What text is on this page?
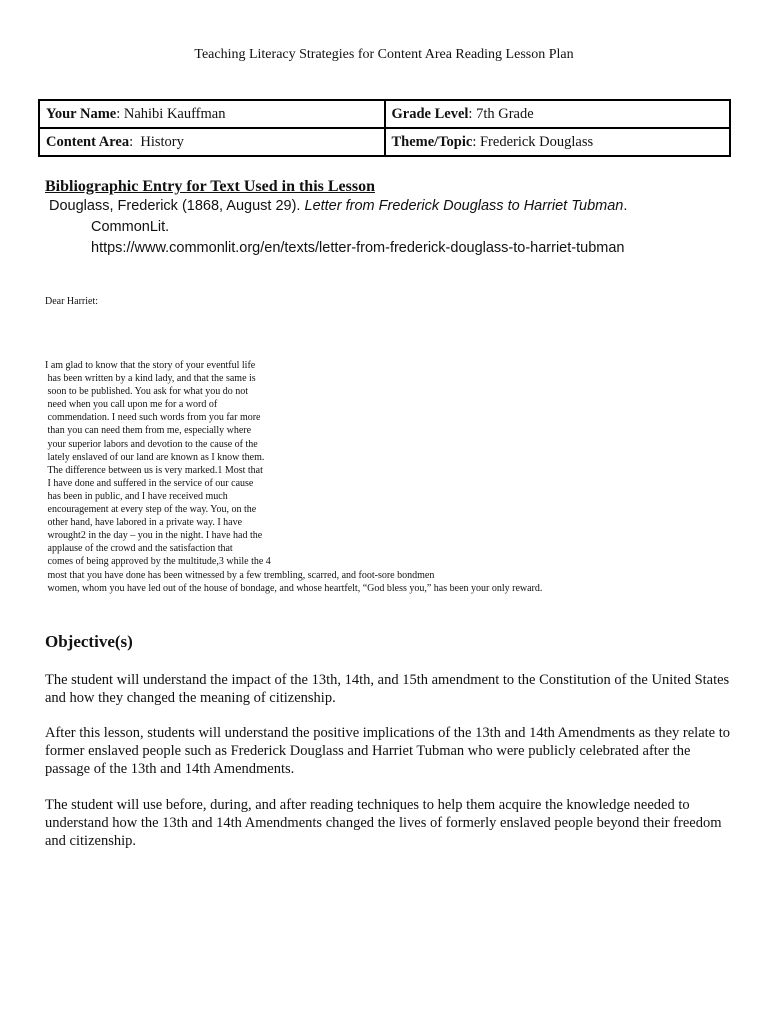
Teaching Literacy Strategies for Content Area Reading Lesson Plan
Your Name: Nahibi Kauffman	Grade Level: 7th Grade
Content Area:  History	Theme/Topic: Frederick Douglass
Bibliographic Entry for Text Used in this Lesson
Douglass, Frederick (1868, August 29). Letter from Frederick Douglass to Harriet Tubman.
CommonLit.
https://www.commonlit.org/en/texts/letter-from-frederick-douglass-to-harriet-tubman
Dear Harriet:
I am glad to know that the story of your eventful life
has been written by a kind lady, and that the same is
soon to be published. You ask for what you do not
need when you call upon me for a word of
commendation. I need such words from you far more
than you can need them from me, especially where
your superior labors and devotion to the cause of the
lately enslaved of our land are known as I know them.
The difference between us is very marked.1 Most that
I have done and suffered in the service of our cause
has been in public, and I have received much
encouragement at every step of the way. You, on the
other hand, have labored in a private way. I have
wrought2 in the day – you in the night. I have had the
applause of the crowd and the satisfaction that
comes of being approved by the multitude,3 while the 4
most that you have done has been witnessed by a few trembling, scarred, and foot-sore bondmen
women, whom you have led out of the house of bondage, and whose heartfelt, “God bless you,” has been your only reward.
Objective(s)
The student will understand the impact of the 13th, 14th, and 15th amendment to the Constitution of the United States and how they changed the meaning of citizenship.
After this lesson, students will understand the positive implications of the 13th and 14th Amendments as they relate to former enslaved people such as Frederick Douglass and Harriet Tubman who were publicly celebrated after the passage of the 13th and 14th Amendments.
The student will use before, during, and after reading techniques to help them acquire the knowledge needed to understand how the 13th and 14th Amendments changed the lives of formerly enslaved people beyond their freedom and citizenship.
